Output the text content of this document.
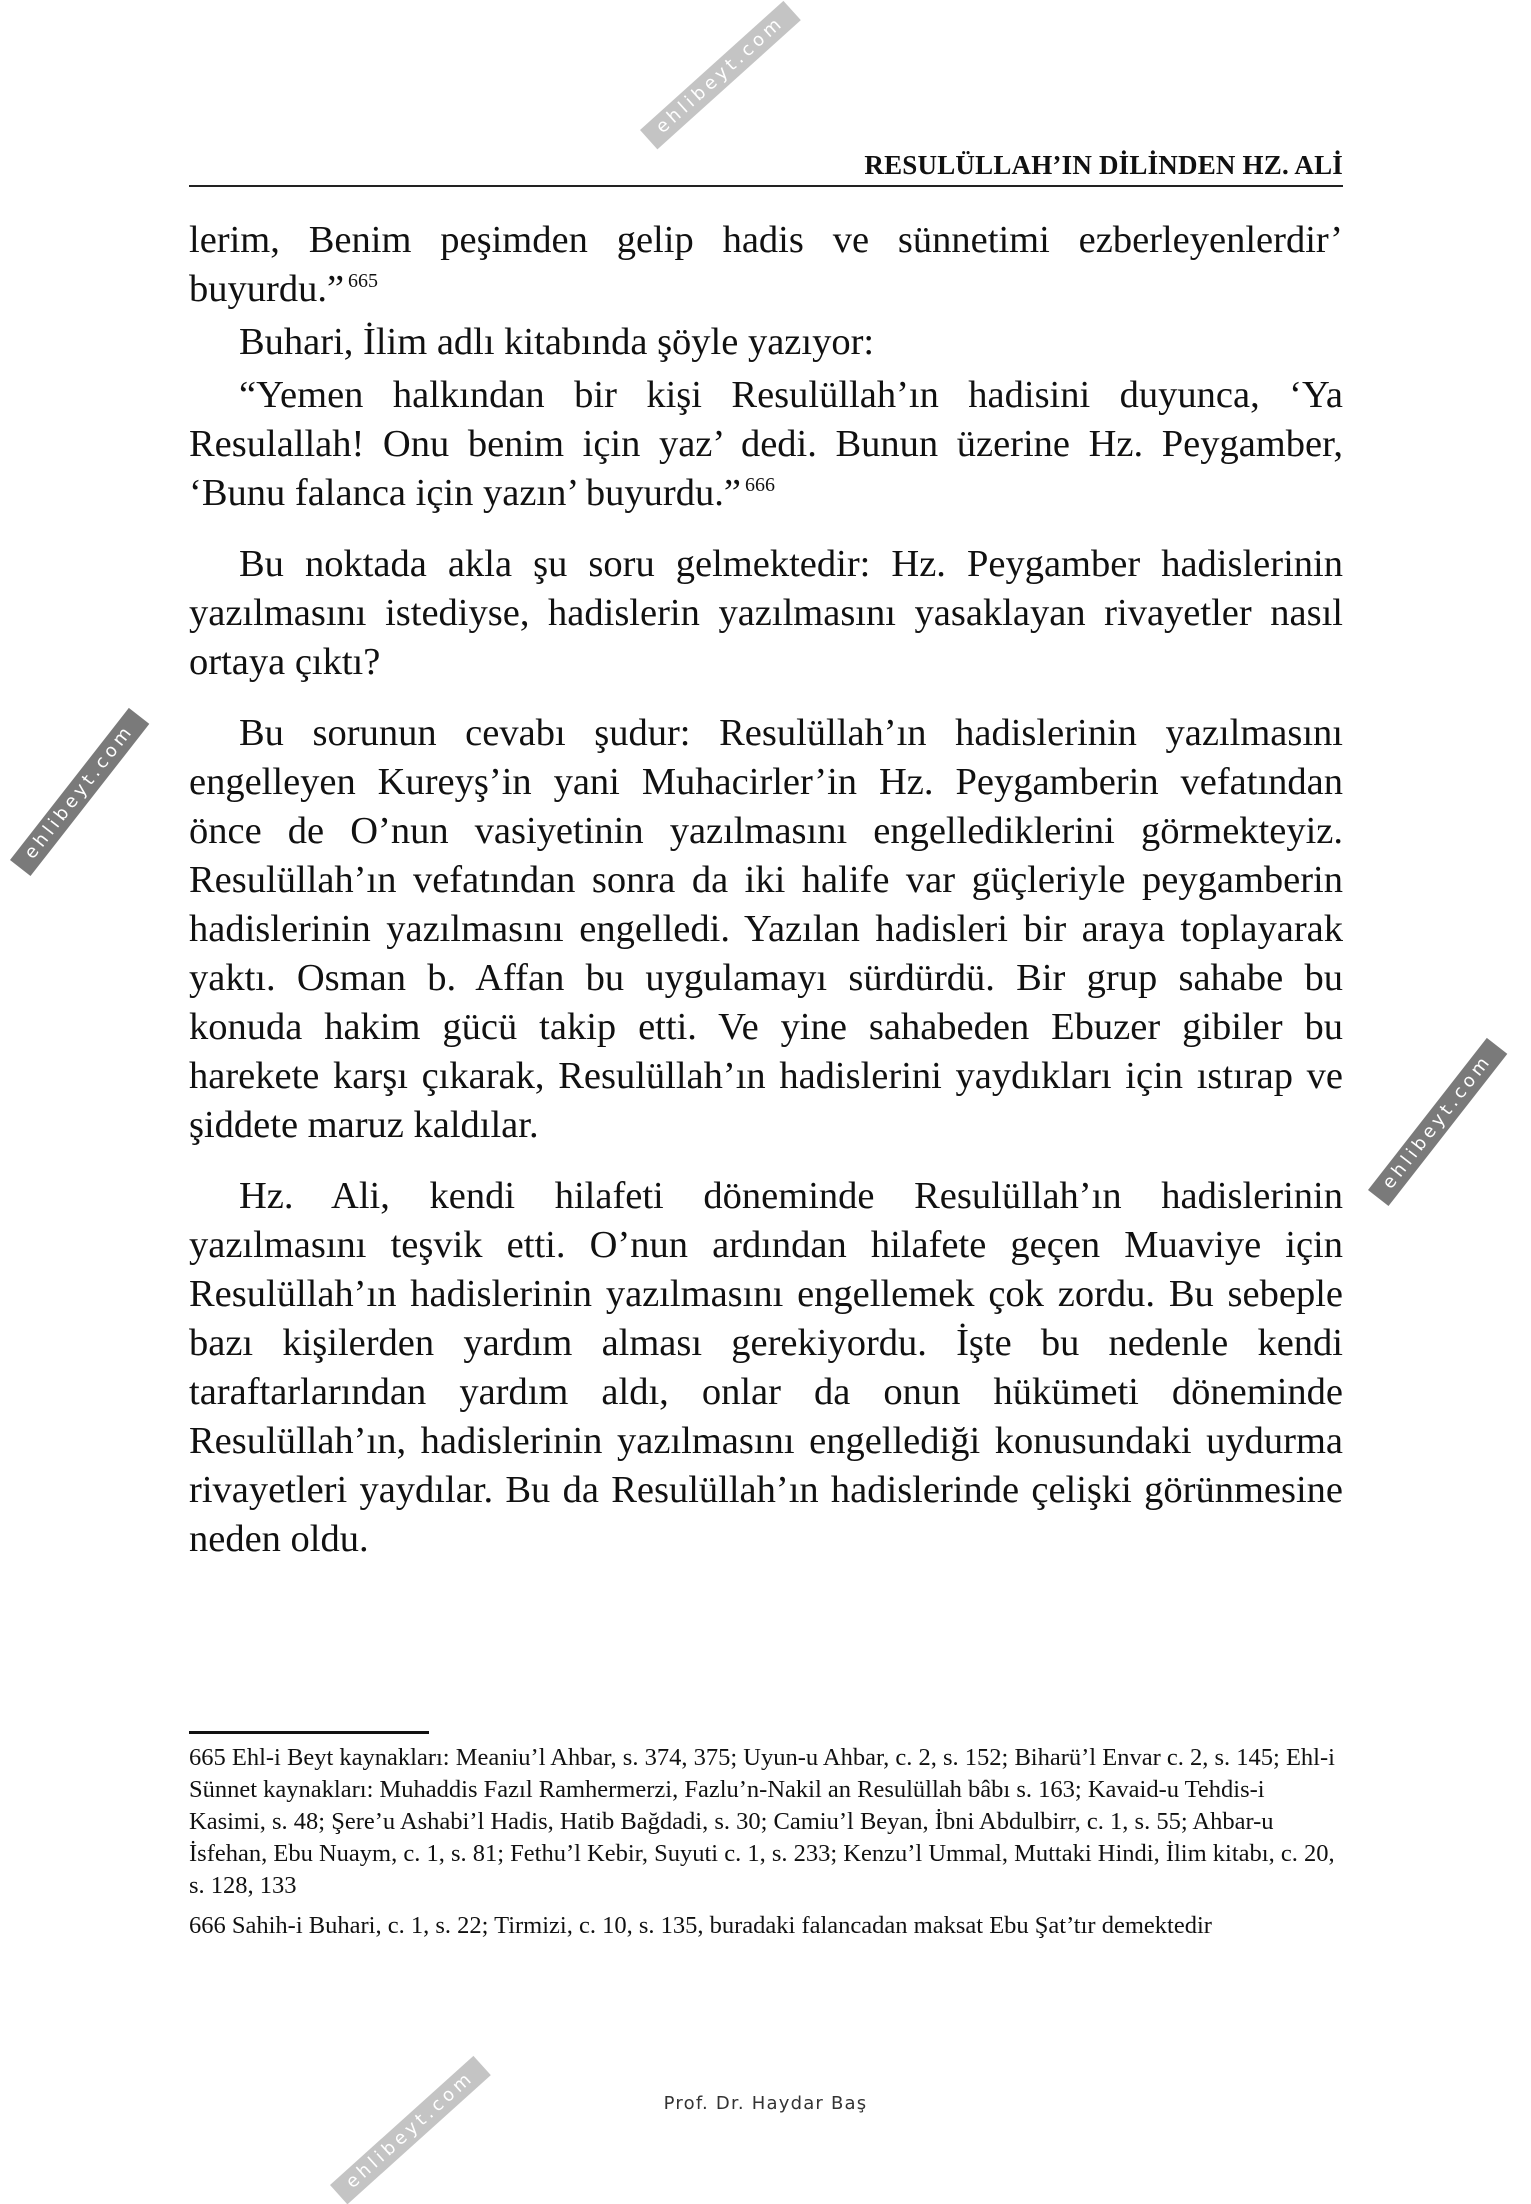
RESULÜLLAH’IN DİLİNDEN HZ. ALİ

lerim, Benim peşimden gelip hadis ve sünnetimi ezberleyenlerdir’ buyurdu.” $^{665}$

Buhari, İlim adlı kitabında şöyle yazıyor:

“Yemen halkından bir kişi Resulüllah’ın hadisini duyunca, ‘Ya Resulallah! Onu benim için yaz’ dedi. Bunun üzerine Hz. Peygamber, ‘Bunu falanca için yazın’ buyurdu.” $^{666}$

Bu noktada akla şu soru gelmektedir: Hz. Peygamber hadislerinin yazılmasını istediyse, hadislerin yazılmasını yasaklayan rivayetler nasıl ortaya çıktı?

Bu sorunun cevabı şudur: Resulüllah’ın hadislerinin yazılmasını engelleyen Kureyş’in yani Muhacirler’in Hz. Peygamberin vefatından önce de O’nun vasiyetinin yazılmasını engellediklerini görmekteyiz. Resulüllah’ın vefatından sonra da iki halife var güçleriyle peygamberin hadislerinin yazılmasını engelledi. Yazılan hadisleri bir araya toplayarak yaktı. Osman b. Affan bu uygulamayı sürdürdü. Bir grup sahabe bu konuda hakim gücü takip etti. Ve yine sahabeden Ebuzer gibiler bu harekete karşı çıkarak, Resulüllah’ın hadislerini yaydıkları için ıstırap ve şiddete maruz kaldılar.

Hz. Ali, kendi hilafeti döneminde Resulüllah’ın hadislerinin yazılmasını teşvik etti. O’nun ardından hilafete geçen Muaviye için Resulüllah’ın hadislerinin yazılmasını engellemek çok zordu. Bu sebeple bazı kişilerden yardım alması gerekiyordu. İşte bu nedenle kendi taraftarlarından yardım aldı, onlar da onun hükümeti döneminde Resulüllah’ın, hadislerinin yazılmasını engellediği konusundaki uydurma rivayetleri yaydılar. Bu da Resulüllah’ın hadislerinde çelişki görünmesine neden oldu.

665 Ehl-i Beyt kaynakları: Meaniu’l Ahbar, s. 374, 375; Uyun-u Ahbar, c. 2, s. 152; Biharü’l Envar c. 2, s. 145; Ehl-i Sünnet kaynakları: Muhaddis Fazıl Ramhermerzi, Fazlu’n-Nakil an Resulüllah bâbı s. 163; Kavaid-u Tehdis-i Kasimi, s. 48; Şere’u Ashabi’l Hadis, Hatib Bağdadi, s. 30; Camiu’l Beyan, İbni Abdulbirr, c. 1, s. 55; Ahbar-u İsfehan, Ebu Nuaym, c. 1, s. 81; Fethu’l Kebir, Suyuti c. 1, s. 233; Kenzu’l Ummal, Muttaki Hindi, İlim kitabı, c. 20, s. 128, 133

666 Sahih-i Buhari, c. 1, s. 22; Tirmizi, c. 10, s. 135, buradaki falancadan maksat Ebu Şat’tır demektedir

Prof. Dr. Haydar Baş
ehlibeyt.com
ehlibeyt.com
ehlibeyt.com
ehlibeyt.com
